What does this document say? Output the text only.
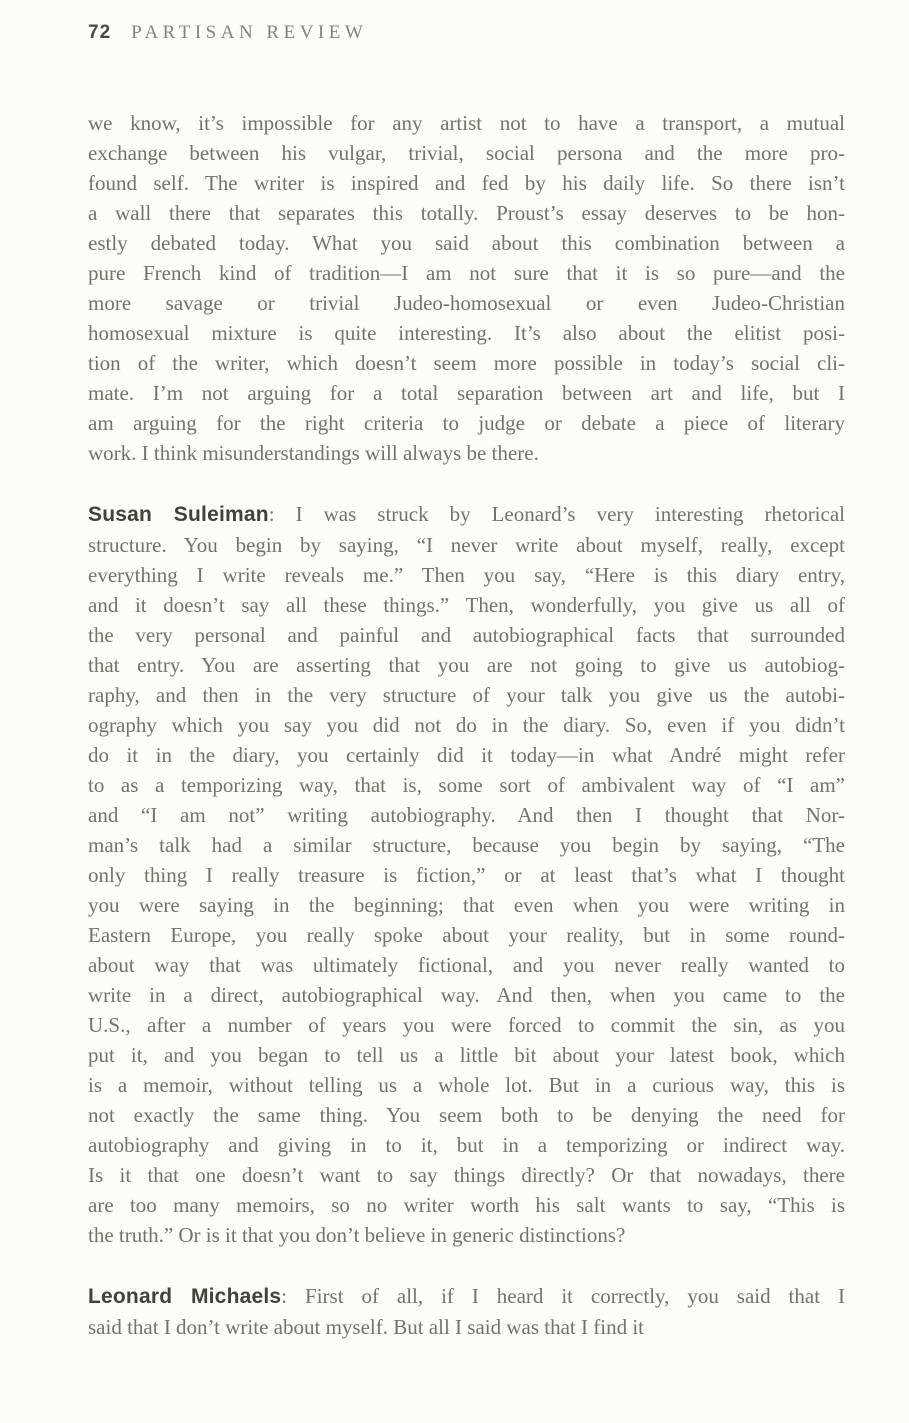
72 PARTISAN REVIEW
we know, it’s impossible for any artist not to have a transport, a mutual
exchange between his vulgar, trivial, social persona and the more pro-
found self. The writer is inspired and fed by his daily life. So there isn’t
a wall there that separates this totally. Proust’s essay deserves to be hon-
estly debated today. What you said about this combination between a
pure French kind of tradition—I am not sure that it is so pure—and the
more savage or trivial Judeo-homosexual or even Judeo-Christian
homosexual mixture is quite interesting. It’s also about the elitist posi-
tion of the writer, which doesn’t seem more possible in today’s social cli-
mate. I’m not arguing for a total separation between art and life, but I
am arguing for the right criteria to judge or debate a piece of literary
work. I think misunderstandings will always be there.
Susan Suleiman: I was struck by Leonard’s very interesting rhetorical
structure. You begin by saying, “I never write about myself, really, except
everything I write reveals me.” Then you say, “Here is this diary entry,
and it doesn’t say all these things.” Then, wonderfully, you give us all of
the very personal and painful and autobiographical facts that surrounded
that entry. You are asserting that you are not going to give us autobiog-
raphy, and then in the very structure of your talk you give us the autobi-
ography which you say you did not do in the diary. So, even if you didn’t
do it in the diary, you certainly did it today—in what André might refer
to as a temporizing way, that is, some sort of ambivalent way of “I am”
and “I am not” writing autobiography. And then I thought that Nor-
man’s talk had a similar structure, because you begin by saying, “The
only thing I really treasure is fiction,” or at least that’s what I thought
you were saying in the beginning; that even when you were writing in
Eastern Europe, you really spoke about your reality, but in some round-
about way that was ultimately fictional, and you never really wanted to
write in a direct, autobiographical way. And then, when you came to the
U.S., after a number of years you were forced to commit the sin, as you
put it, and you began to tell us a little bit about your latest book, which
is a memoir, without telling us a whole lot. But in a curious way, this is
not exactly the same thing. You seem both to be denying the need for
autobiography and giving in to it, but in a temporizing or indirect way.
Is it that one doesn’t want to say things directly? Or that nowadays, there
are too many memoirs, so no writer worth his salt wants to say, “This is
the truth.” Or is it that you don’t believe in generic distinctions?
Leonard Michaels: First of all, if I heard it correctly, you said that I
said that I don’t write about myself. But all I said was that I find it
